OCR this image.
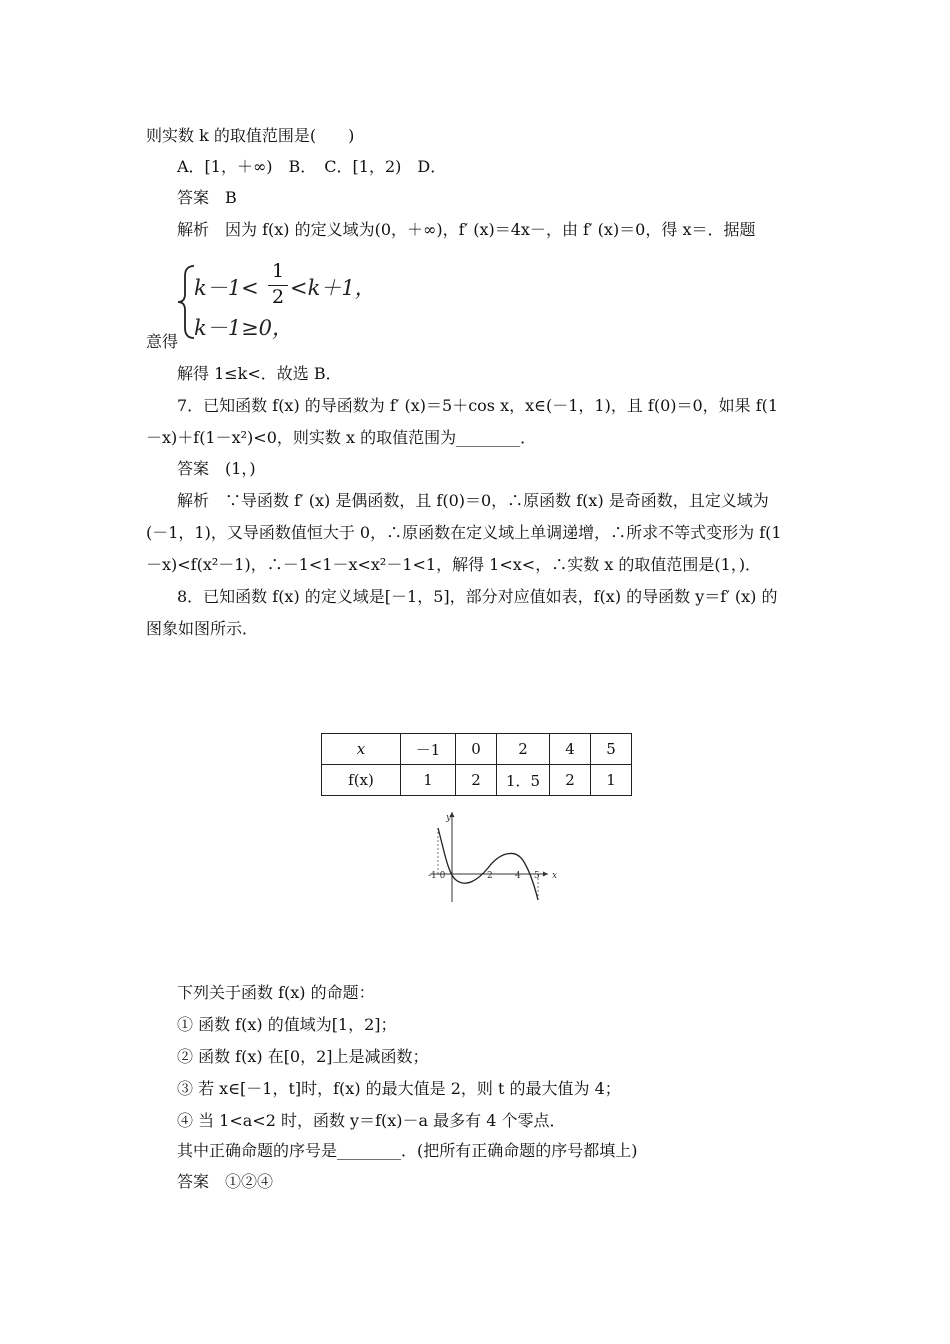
则实数 k 的取值范围是(　　)
A．[1，＋∞)　B．　C．[1，2)　D．
答案　B
解析　因为 f(x) 的定义域为(0，＋∞)，f′ (x)＝4x－，由 f′ (x)＝0，得 x＝．据题
k－1<
1
2 <k＋1，
k－1≥0，
意得
解得 1≤k<．故选 B．
7．已知函数 f(x) 的导函数为 f′ (x)＝5＋cos x，x∈(－1，1)，且 f(0)＝0，如果 f(1
－x)＋f(1－x²)<0，则实数 x 的取值范围为________．
答案　(1，)
解析　∵导函数 f′ (x) 是偶函数，且 f(0)＝0，∴原函数 f(x) 是奇函数，且定义域为
(－1，1)，又导函数值恒大于 0，∴原函数在定义域上单调递增，∴所求不等式变形为 f(1
－x)<f(x²－1)，∴－1<1－x<x²－1<1，解得 1<x<，∴实数 x 的取值范围是(1，)．
8．已知函数 f(x) 的定义域是[－1，5]，部分对应值如表，f(x) 的导函数 y＝f′ (x) 的
图象如图所示．
x	－1	0	2	4	5
f(x)	1	2	1．5	2	1
y
x
-1 0	2 4 5
下列关于函数 f(x) 的命题：
① 函数 f(x) 的值域为[1，2]；
② 函数 f(x) 在[0，2]上是减函数；
③ 若 x∈[－1，t]时，f(x) 的最大值是 2，则 t 的最大值为 4；
④ 当 1<a<2 时，函数 y＝f(x)－a 最多有 4 个零点．
其中正确命题的序号是________．(把所有正确命题的序号都填上)
答案　①②④
